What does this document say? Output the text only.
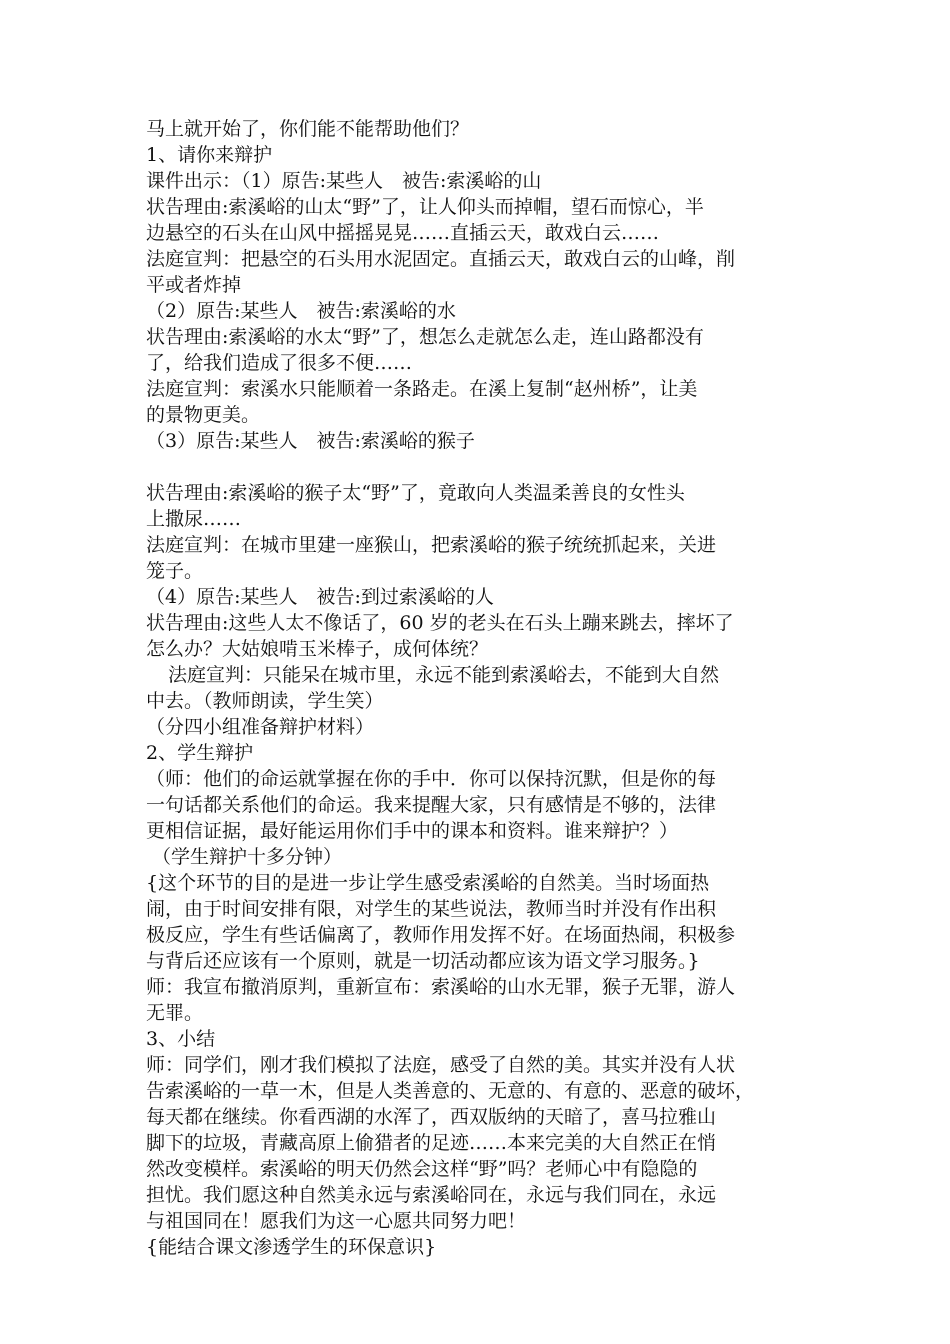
马上就开始了，你们能不能帮助他们？
1、请你来辩护
课件出示：（1）原告:某些人　被告:索溪峪的山
状告理由:索溪峪的山太“野”了，让人仰头而掉帽，望石而惊心，半
边悬空的石头在山风中摇摇晃晃……直插云天，敢戏白云……
法庭宣判：把悬空的石头用水泥固定。直插云天，敢戏白云的山峰，削
平或者炸掉
（2）原告:某些人　被告:索溪峪的水
状告理由:索溪峪的水太“野”了，想怎么走就怎么走，连山路都没有
了，给我们造成了很多不便……
法庭宣判：索溪水只能顺着一条路走。在溪上复制“赵州桥”，让美
的景物更美。
（3）原告:某些人　被告:索溪峪的猴子
状告理由:索溪峪的猴子太“野”了，竟敢向人类温柔善良的女性头
上撒尿……
法庭宣判：在城市里建一座猴山，把索溪峪的猴子统统抓起来，关进
笼子。
（4）原告:某些人　被告:到过索溪峪的人
状告理由:这些人太不像话了，60 岁的老头在石头上蹦来跳去，摔坏了
怎么办？大姑娘啃玉米棒子，成何体统？
法庭宣判：只能呆在城市里，永远不能到索溪峪去，不能到大自然
中去。（教师朗读，学生笑）
（分四小组准备辩护材料）
2、学生辩护
（师：他们的命运就掌握在你的手中．你可以保持沉默，但是你的每
一句话都关系他们的命运。我来提醒大家，只有感情是不够的，法律
更相信证据，最好能运用你们手中的课本和资料。谁来辩护？）
（学生辩护十多分钟）
{这个环节的目的是进一步让学生感受索溪峪的自然美。当时场面热
闹，由于时间安排有限，对学生的某些说法，教师当时并没有作出积
极反应，学生有些话偏离了，教师作用发挥不好。在场面热闹，积极参
与背后还应该有一个原则，就是一切活动都应该为语文学习服务。}
师：我宣布撤消原判，重新宣布：索溪峪的山水无罪，猴子无罪，游人
无罪。
3、小结
师：同学们，刚才我们模拟了法庭，感受了自然的美。其实并没有人状
告索溪峪的一草一木，但是人类善意的、无意的、有意的、恶意的破坏，
每天都在继续。你看西湖的水浑了，西双版纳的天暗了，喜马拉雅山
脚下的垃圾，青藏高原上偷猎者的足迹……本来完美的大自然正在悄
然改变模样。索溪峪的明天仍然会这样“野”吗？老师心中有隐隐的
担忧。我们愿这种自然美永远与索溪峪同在，永远与我们同在，永远
与祖国同在！愿我们为这一心愿共同努力吧！
{能结合课文渗透学生的环保意识}
